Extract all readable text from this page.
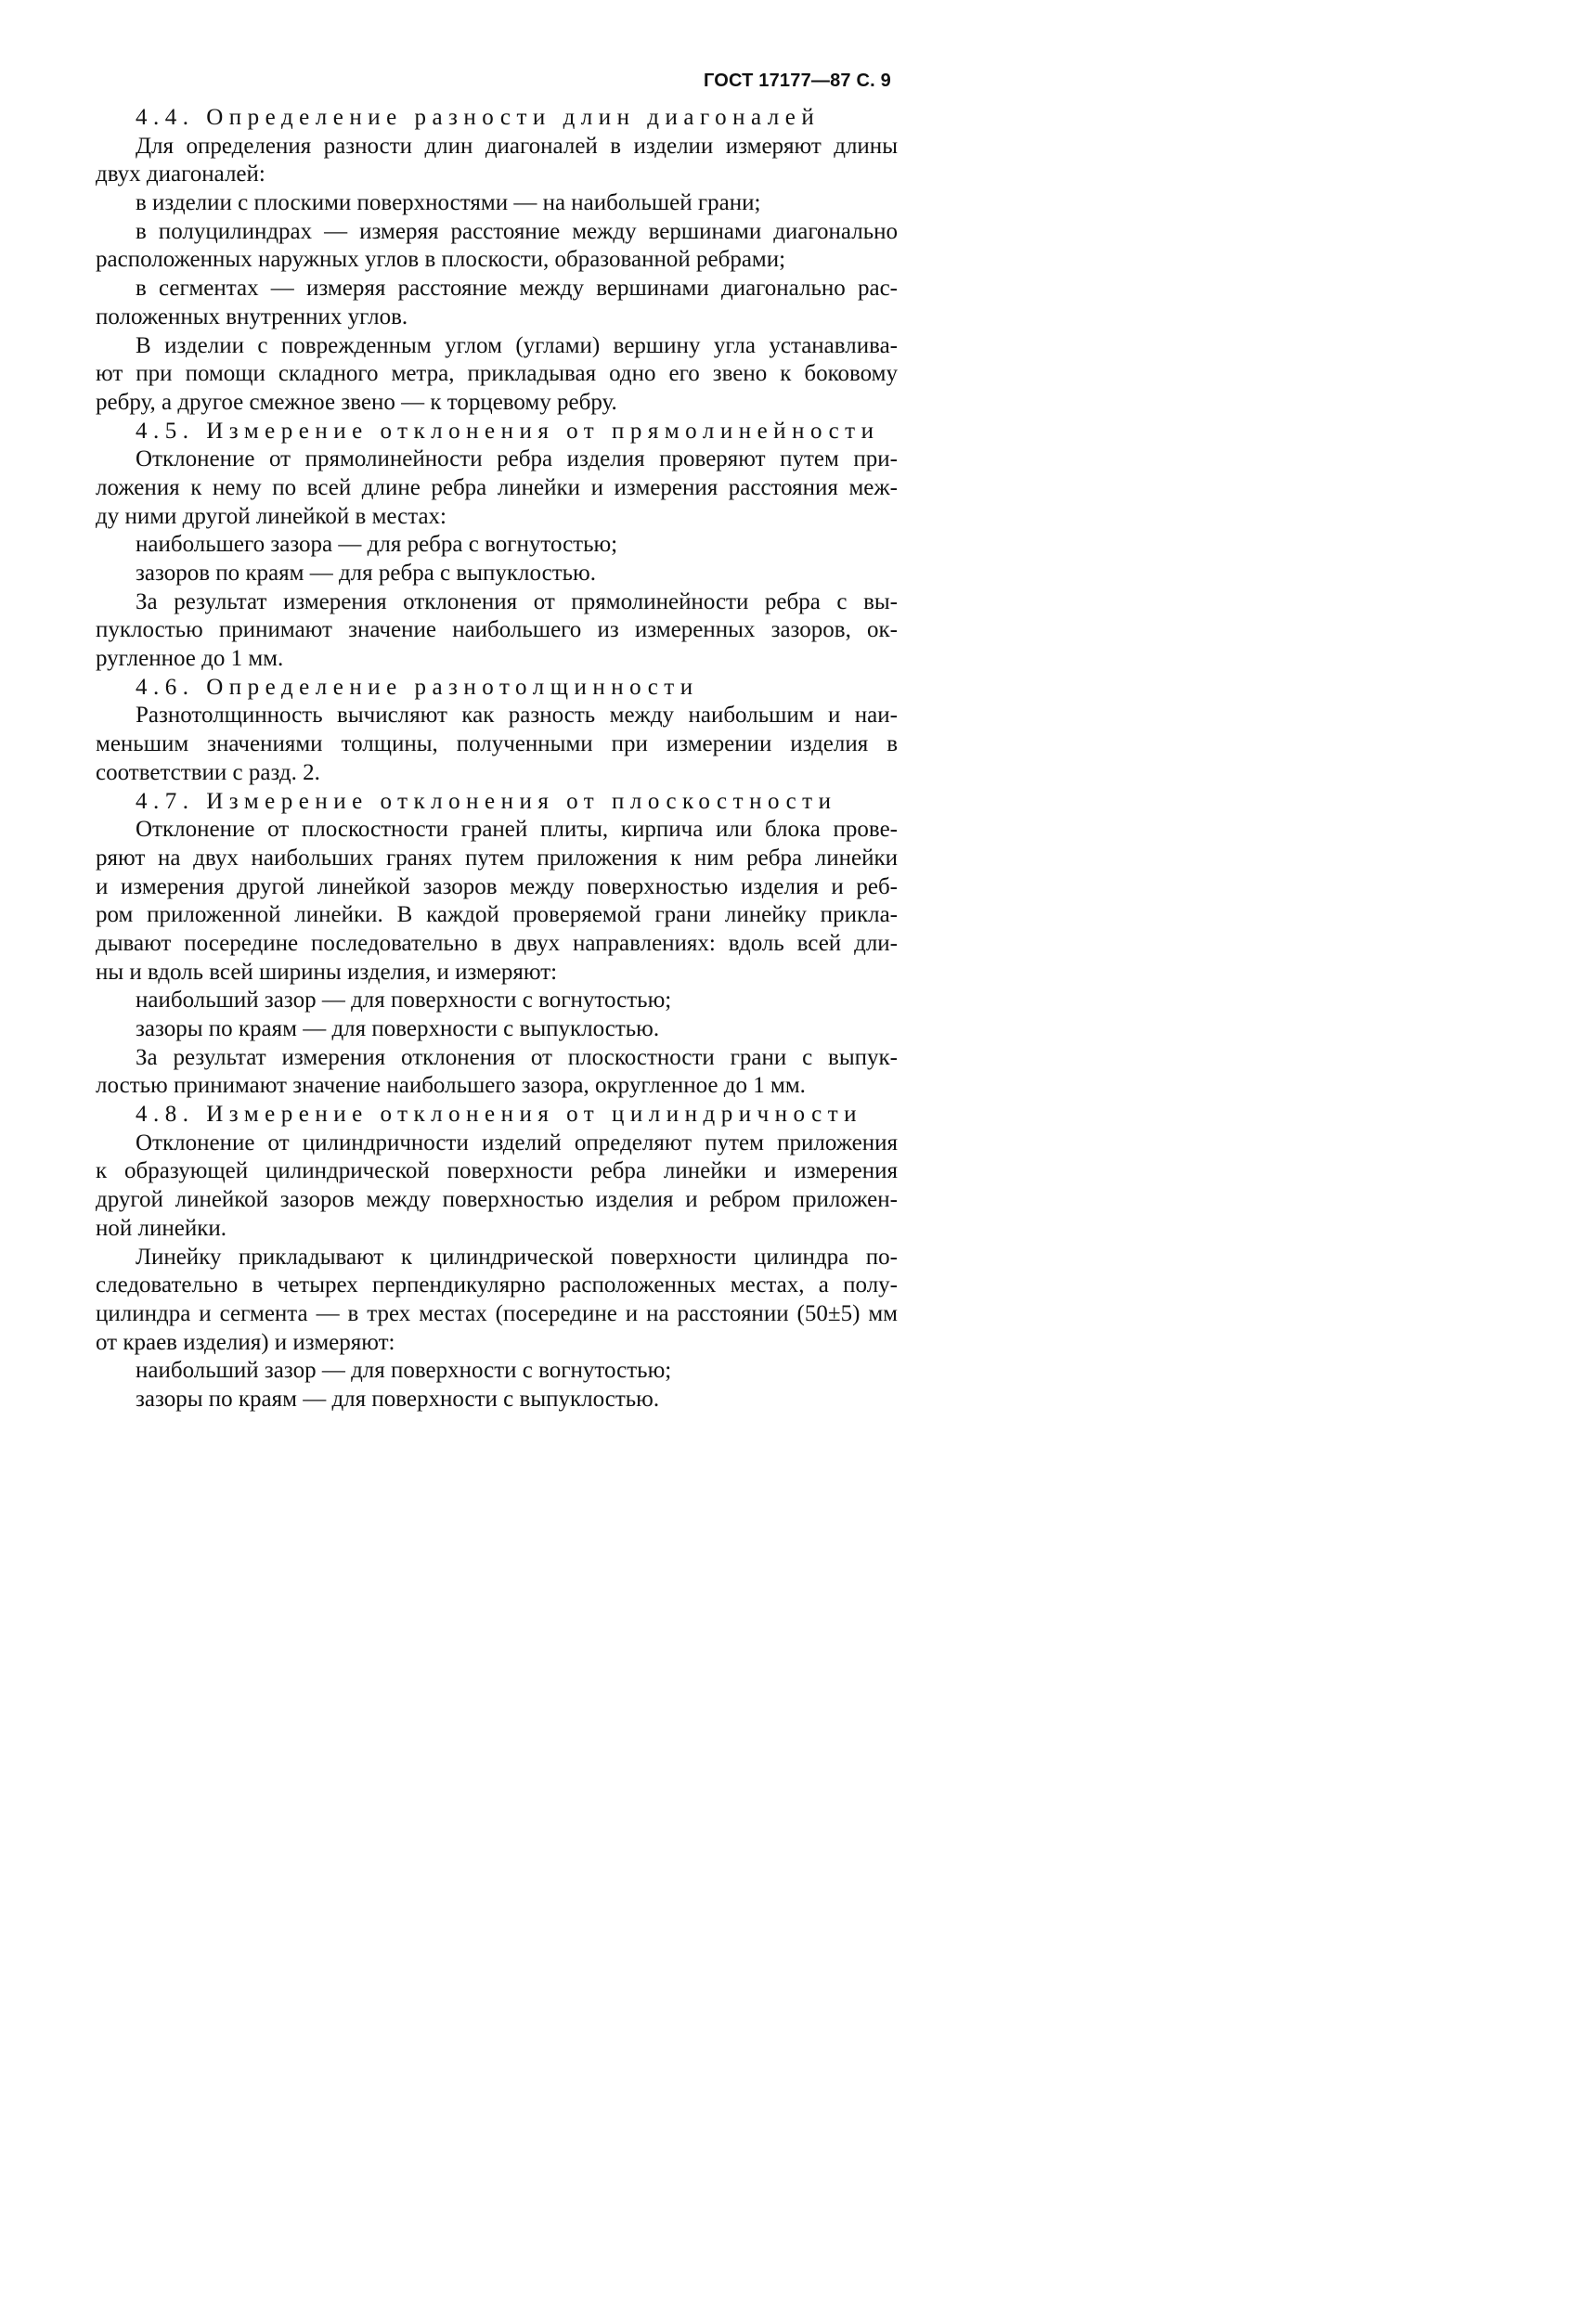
ГОСТ 17177—87 С. 9
4.4. Определение разности длин диагоналей
Для определения разности длин диагоналей в изделии измеряют длины
двух диагоналей:
в изделии с плоскими поверхностями — на наибольшей грани;
в полуцилиндрах — измеряя расстояние между вершинами диагонально
расположенных наружных углов в плоскости, образованной ребрами;
в сегментах — измеряя расстояние между вершинами диагонально рас-
положенных внутренних углов.
В изделии с поврежденным углом (углами) вершину угла устанавлива-
ют при помощи складного метра, прикладывая одно его звено к боковому
ребру, а другое смежное звено — к торцевому ребру.
4.5. Измерение отклонения от прямолинейности
Отклонение от прямолинейности ребра изделия проверяют путем при-
ложения к нему по всей длине ребра линейки и измерения расстояния меж-
ду ними другой линейкой в местах:
наибольшего зазора — для ребра с вогнутостью;
зазоров по краям — для ребра с выпуклостью.
За результат измерения отклонения от прямолинейности ребра с вы-
пуклостью принимают значение наибольшего из измеренных зазоров, ок-
ругленное до 1 мм.
4.6. Определение разнотолщинности
Разнотолщинность вычисляют как разность между наибольшим и наи-
меньшим значениями толщины, полученными при измерении изделия в
соответствии с разд. 2.
4.7. Измерение отклонения от плоскостности
Отклонение от плоскостности граней плиты, кирпича или блока прове-
ряют на двух наибольших гранях путем приложения к ним ребра линейки
и измерения другой линейкой зазоров между поверхностью изделия и реб-
ром приложенной линейки. В каждой проверяемой грани линейку прикла-
дывают посередине последовательно в двух направлениях: вдоль всей дли-
ны и вдоль всей ширины изделия, и измеряют:
наибольший зазор — для поверхности с вогнутостью;
зазоры по краям — для поверхности с выпуклостью.
За результат измерения отклонения от плоскостности грани с выпук-
лостью принимают значение наибольшего зазора, округленное до 1 мм.
4.8. Измерение отклонения от цилиндричности
Отклонение от цилиндричности изделий определяют путем приложения
к образующей цилиндрической поверхности ребра линейки и измерения
другой линейкой зазоров между поверхностью изделия и ребром приложен-
ной линейки.
Линейку прикладывают к цилиндрической поверхности цилиндра по-
следовательно в четырех перпендикулярно расположенных местах, а полу-
цилиндра и сегмента — в трех местах (посередине и на расстоянии (50±5) мм
от краев изделия) и измеряют:
наибольший зазор — для поверхности с вогнутостью;
зазоры по краям — для поверхности с выпуклостью.
